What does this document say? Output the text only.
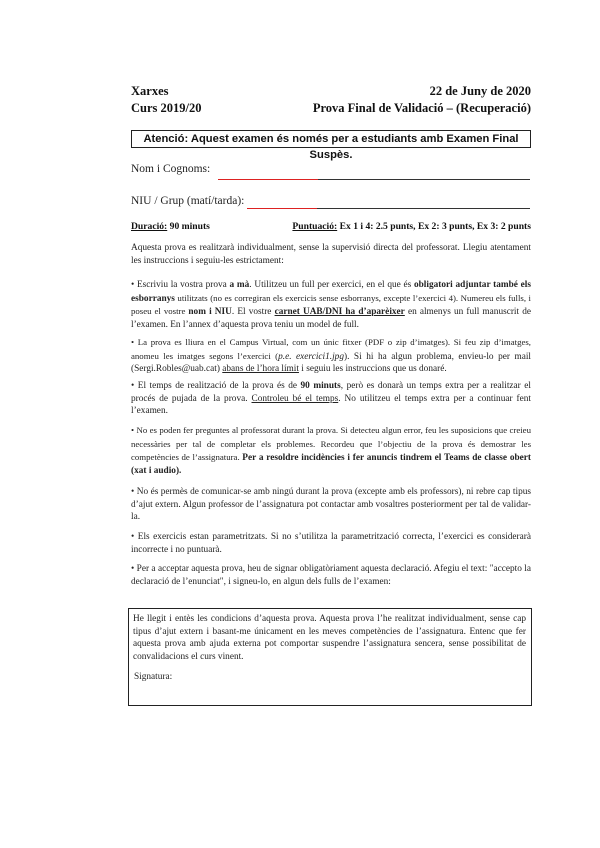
Xarxes	22 de Juny de 2020
Curs 2019/20	Prova Final de Validació – (Recuperació)
Atenció: Aquest examen és només per a estudiants amb Examen Final Suspès.
Nom i Cognoms:
NIU / Grup (matí/tarda):
Duració: 90 minuts	Puntuació: Ex 1 i 4: 2.5 punts, Ex 2: 3 punts, Ex 3: 2 punts
Aquesta prova es realitzarà individualment, sense la supervisió directa del professorat. Llegiu atentament les instruccions i seguiu-les estrictament:
• Escriviu la vostra prova a mà. Utilitzeu un full per exercici, en el que és obligatori adjuntar també els esborranys utilitzats (no es corregiran els exercicis sense esborranys, excepte l’exercici 4). Numereu els fulls, i poseu el vostre nom i NIU. El vostre carnet UAB/DNI ha d’aparèixer en almenys un full manuscrit de l’examen. En l’annex d’aquesta prova teniu un model de full.
• La prova es lliura en el Campus Virtual, com un únic fitxer (PDF o zip d’imatges). Si feu zip d’imatges, anomeu les imatges segons l’exercici (p.e. exercici1.jpg). Si hi ha algun problema, envieu-lo per mail (Sergi.Robles@uab.cat) abans de l’hora límit i seguiu les instruccions que us donaré.
• El temps de realització de la prova és de 90 minuts, però es donarà un temps extra per a realitzar el procés de pujada de la prova. Controleu bé el temps. No utilitzeu el temps extra per a continuar fent l’examen.
• No es poden fer preguntes al professorat durant la prova. Si detecteu algun error, feu les suposicions que creieu necessàries per tal de completar els problemes. Recordeu que l’objectiu de la prova és demostrar les competències de l’assignatura. Per a resoldre incidències i fer anuncis tindrem el Teams de classe obert (xat i audio).
• No és permès de comunicar-se amb ningú durant la prova (excepte amb els professors), ni rebre cap tipus d’ajut extern. Algun professor de l’assignatura pot contactar amb vosaltres posteriorment per tal de validar-la.
• Els exercicis estan parametritzats. Si no s’utilitza la parametrització correcta, l’exercici es considerarà incorrecte i no puntuarà.
• Per a acceptar aquesta prova, heu de signar obligatòriament aquesta declaració. Afegiu el text: "accepto la declaració de l’enunciat", i signeu-lo, en algun dels fulls de l’examen:
He llegit i entès les condicions d’aquesta prova. Aquesta prova l’he realitzat individualment, sense cap tipus d’ajut extern i basant-me únicament en les meves competències de l’assignatura. Entenc que fer aquesta prova amb ajuda externa pot comportar suspendre l’assignatura sencera, sense possibilitat de convalidacions el curs vinent.
Signatura:
